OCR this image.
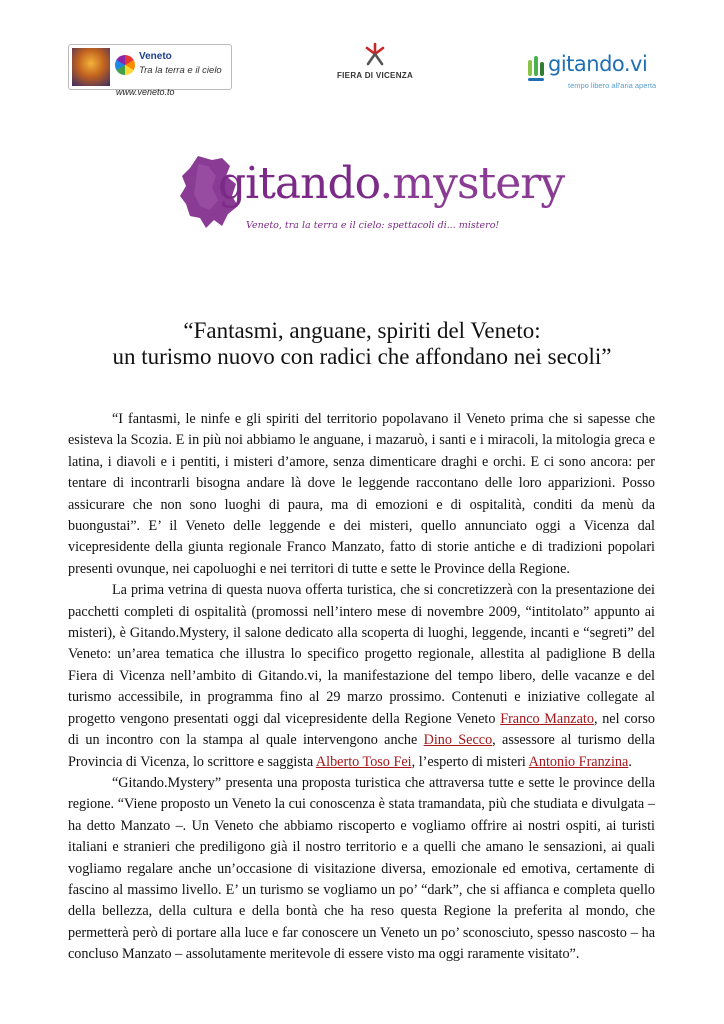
Veneto
Tra la terra e il cielo
www.veneto.to
FIERA DI VICENZA	gitando.vi
tempo libero all'aria aperta
gitando.mystery
Veneto, tra la terra e il cielo: spettacoli di... mistero!
“Fantasmi, anguane, spiriti del Veneto:
un turismo nuovo con radici che affondano nei secoli”

“I fantasmi, le ninfe e gli spiriti del territorio popolavano il Veneto prima che si sapesse che esisteva la Scozia. E in più noi abbiamo le anguane, i mazaruò, i santi e i miracoli, la mitologia greca e latina, i diavoli e i pentiti, i misteri d’amore, senza dimenticare draghi e orchi. E ci sono ancora: per tentare di incontrarli bisogna andare là dove le leggende raccontano delle loro apparizioni. Posso assicurare che non sono luoghi di paura, ma di emozioni e di ospitalità, conditi da menù da buongustai”. E’ il Veneto delle leggende e dei misteri, quello annunciato oggi a Vicenza dal vicepresidente della giunta regionale Franco Manzato, fatto di storie antiche e di tradizioni popolari presenti ovunque, nei capoluoghi e nei territori di tutte e sette le Province della Regione.

La prima vetrina di questa nuova offerta turistica, che si concretizzerà con la presentazione dei pacchetti completi di ospitalità (promossi nell’intero mese di novembre 2009, “intitolato” appunto ai misteri), è Gitando.Mystery, il salone dedicato alla scoperta di luoghi, leggende, incanti e “segreti” del Veneto: un’area tematica che illustra lo specifico progetto regionale, allestita al padiglione B della Fiera di Vicenza nell’ambito di Gitando.vi, la manifestazione del tempo libero, delle vacanze e del turismo accessibile, in programma fino al 29 marzo prossimo. Contenuti e iniziative collegate al progetto vengono presentati oggi dal vicepresidente della Regione Veneto Franco Manzato, nel corso di un incontro con la stampa al quale intervengono anche Dino Secco, assessore al turismo della Provincia di Vicenza, lo scrittore e saggista Alberto Toso Fei, l’esperto di misteri Antonio Franzina.

“Gitando.Mystery” presenta una proposta turistica che attraversa tutte e sette le province della regione. “Viene proposto un Veneto la cui conoscenza è stata tramandata, più che studiata e divulgata – ha detto Manzato –. Un Veneto che abbiamo riscoperto e vogliamo offrire ai nostri ospiti, ai turisti italiani e stranieri che prediligono già il nostro territorio e a quelli che amano le sensazioni, ai quali vogliamo regalare anche un’occasione di visitazione diversa, emozionale ed emotiva, certamente di fascino al massimo livello. E’ un turismo se vogliamo un po’ “dark”, che si affianca e completa quello della bellezza, della cultura e della bontà che ha reso questa Regione la preferita al mondo, che permetterà però di portare alla luce e far conoscere un Veneto un po’ sconosciuto, spesso nascosto – ha concluso Manzato – assolutamente meritevole di essere visto ma oggi raramente visitato”.
